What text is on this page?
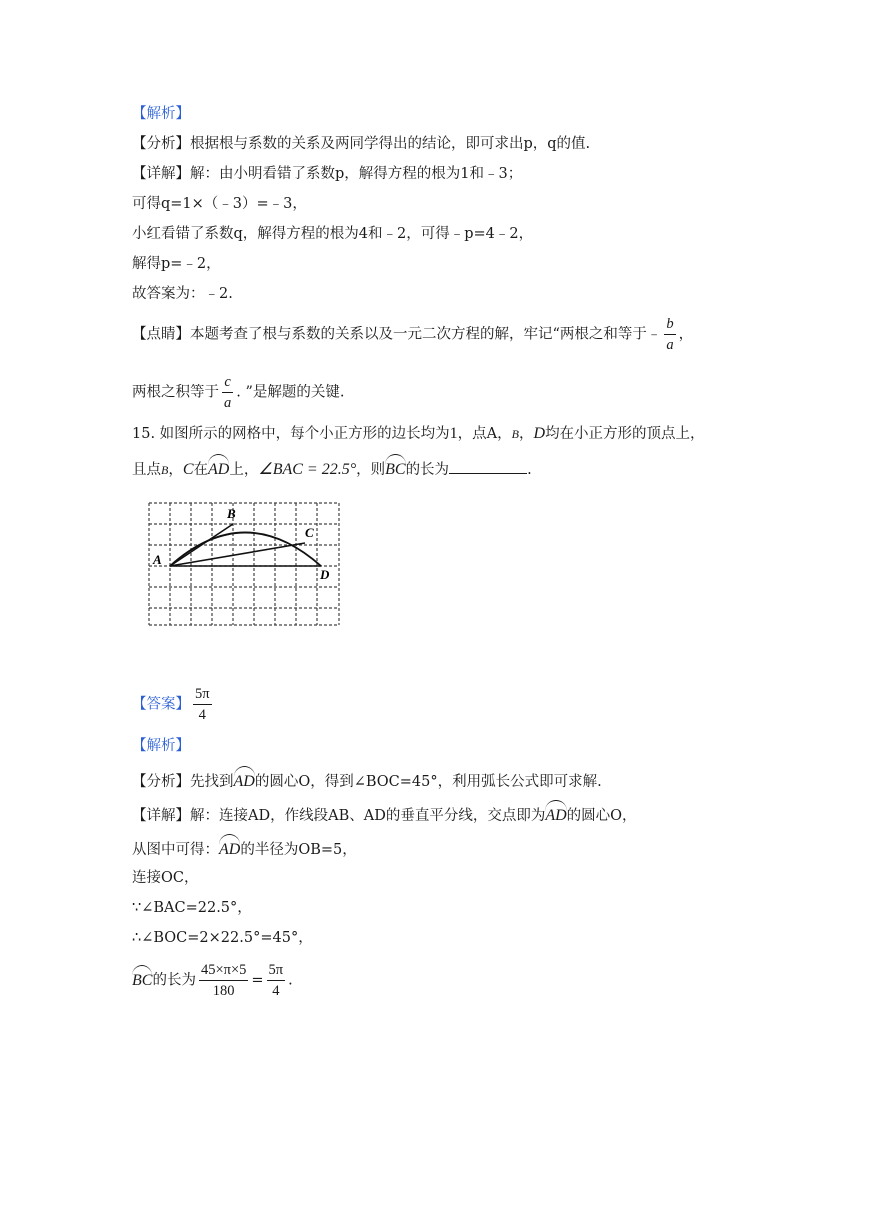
【解析】
【分析】根据根与系数的关系及两同学得出的结论，即可求出p，q的值.
【详解】解：由小明看错了系数p，解得方程的根为1和﹣3；
可得q=1×（﹣3）=﹣3，
小红看错了系数q，解得方程的根为4和﹣2，可得﹣p=4﹣2，
解得p=﹣2，
故答案为：﹣2.
【点睛】本题考查了根与系数的关系以及一元二次方程的解，牢记“两根之和等于﹣ $\frac{b}{a}$ ，
两根之积等于 $\frac{c}{a}$ . ”是解题的关键.
15. 如图所示的网格中，每个小正方形的边长均为1，点A，B，D均在小正方形的顶点上，
且点B，C在AD上，∠BAC = 22.5°，则BC的长为	.
A
B
C
D
【答案】 $\frac{5\pi}{4}$
【解析】
【分析】先找到AD的圆心O，得到∠BOC=45°，利用弧长公式即可求解.
【详解】解：连接AD，作线段AB、AD的垂直平分线，交点即为AD的圆心O，
从图中可得：AD的半径为OB=5，
连接OC，
∵∠BAC=22.5°，
∴∠BOC=2×22.5°=45°，
BC的长为 $\frac{45\times\pi\times 5}{180} = \frac{5\pi}{4}$ .
